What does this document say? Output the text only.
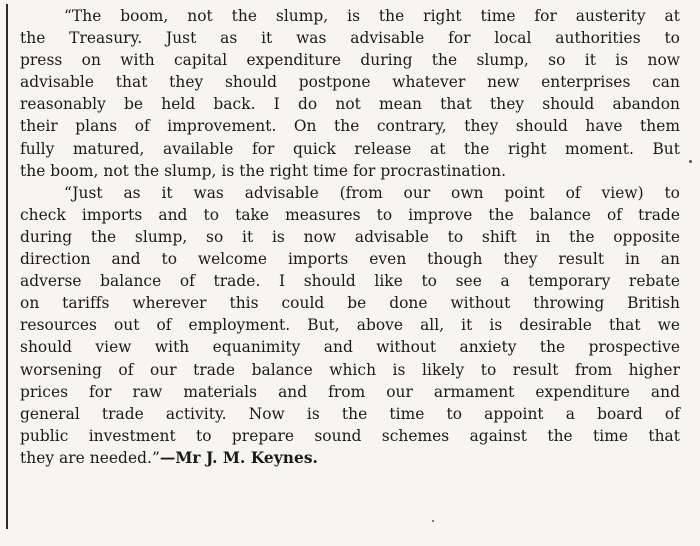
“The boom, not the slump, is the right time for austerity at
the Treasury. Just as it was advisable for local authorities to
press on with capital expenditure during the slump, so it is now
advisable that they should postpone whatever new enterprises can
reasonably be held back. I do not mean that they should abandon
their plans of improvement. On the contrary, they should have them
fully matured, available for quick release at the right moment. But
the boom, not the slump, is the right time for procrastination.

“Just as it was advisable (from our own point of view) to
check imports and to take measures to improve the balance of trade
during the slump, so it is now advisable to shift in the opposite
direction and to welcome imports even though they result in an
adverse balance of trade. I should like to see a temporary rebate
on tariffs wherever this could be done without throwing British
resources out of employment. But, above all, it is desirable that we
should view with equanimity and without anxiety the prospective
worsening of our trade balance which is likely to result from higher
prices for raw materials and from our armament expenditure and
general trade activity. Now is the time to appoint a board of
public investment to prepare sound schemes against the time that
they are needed.”—Mr J. M. Keynes.
